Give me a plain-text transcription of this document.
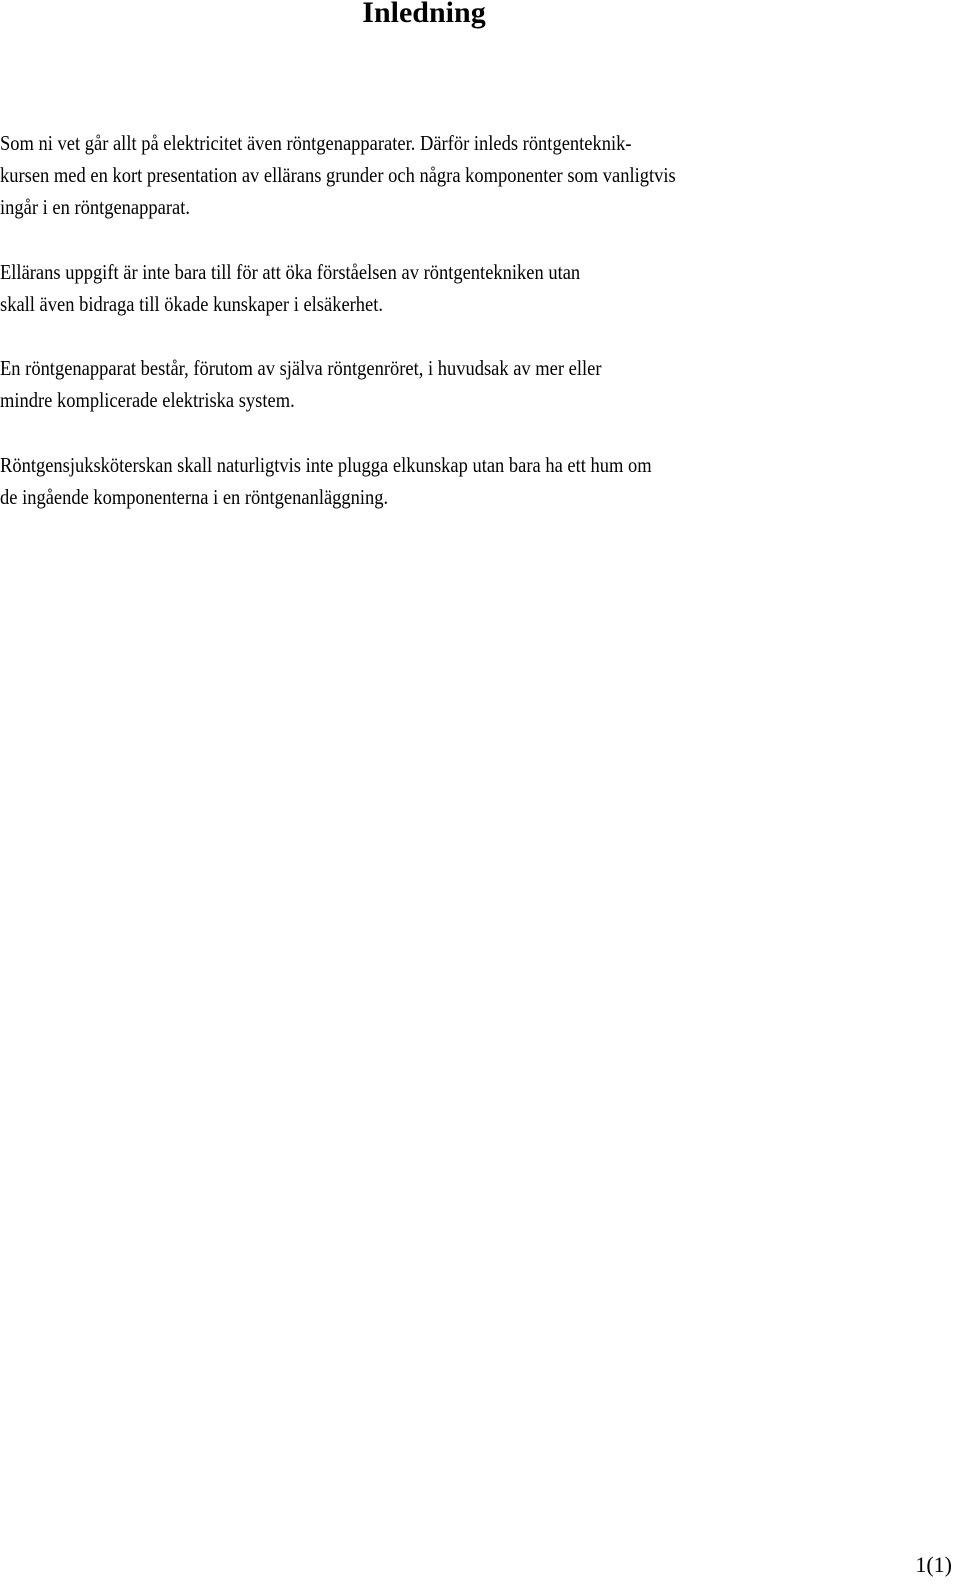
Inledning

Som ni vet går allt på elektricitet även röntgenapparater. Därför inleds röntgenteknik-
kursen med en kort presentation av ellärans grunder och några komponenter som vanligtvis
ingår i en röntgenapparat.

Ellärans uppgift är inte bara till för att öka förståelsen av röntgentekniken utan
skall även bidraga till ökade kunskaper i elsäkerhet.

En röntgenapparat består, förutom av själva röntgenröret, i huvudsak av mer eller
mindre komplicerade elektriska system.

Röntgensjuksköterskan skall naturligtvis inte plugga elkunskap utan bara ha ett hum om
de ingående komponenterna i en röntgenanläggning.

1(1)
